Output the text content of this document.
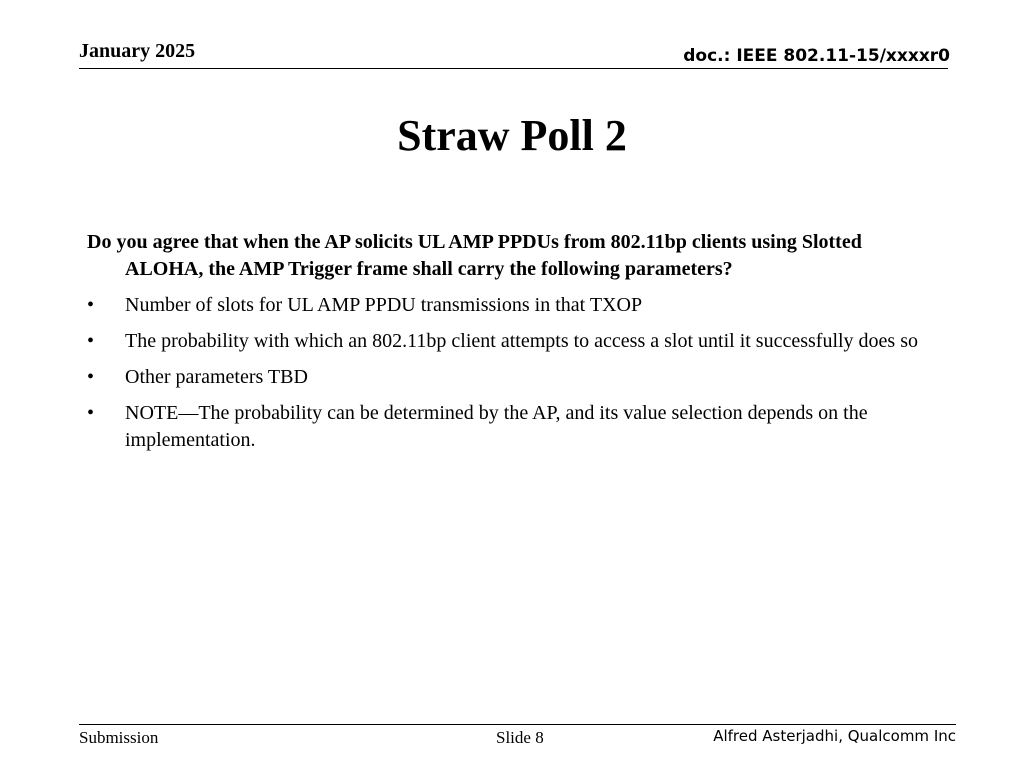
January 2025	doc.: IEEE 802.11-15/xxxxr0
Straw Poll 2

Do you agree that when the AP solicits UL AMP PPDUs from 802.11bp clients using Slotted ALOHA, the AMP Trigger frame shall carry the following parameters?

•	Number of slots for UL AMP PPDU transmissions in that TXOP
•	The probability with which an 802.11bp client attempts to access a slot until it successfully does so
•	Other parameters TBD
•	NOTE—The probability can be determined by the AP, and its value selection depends on the implementation.
Submission	Slide 8	Alfred Asterjadhi, Qualcomm Inc
